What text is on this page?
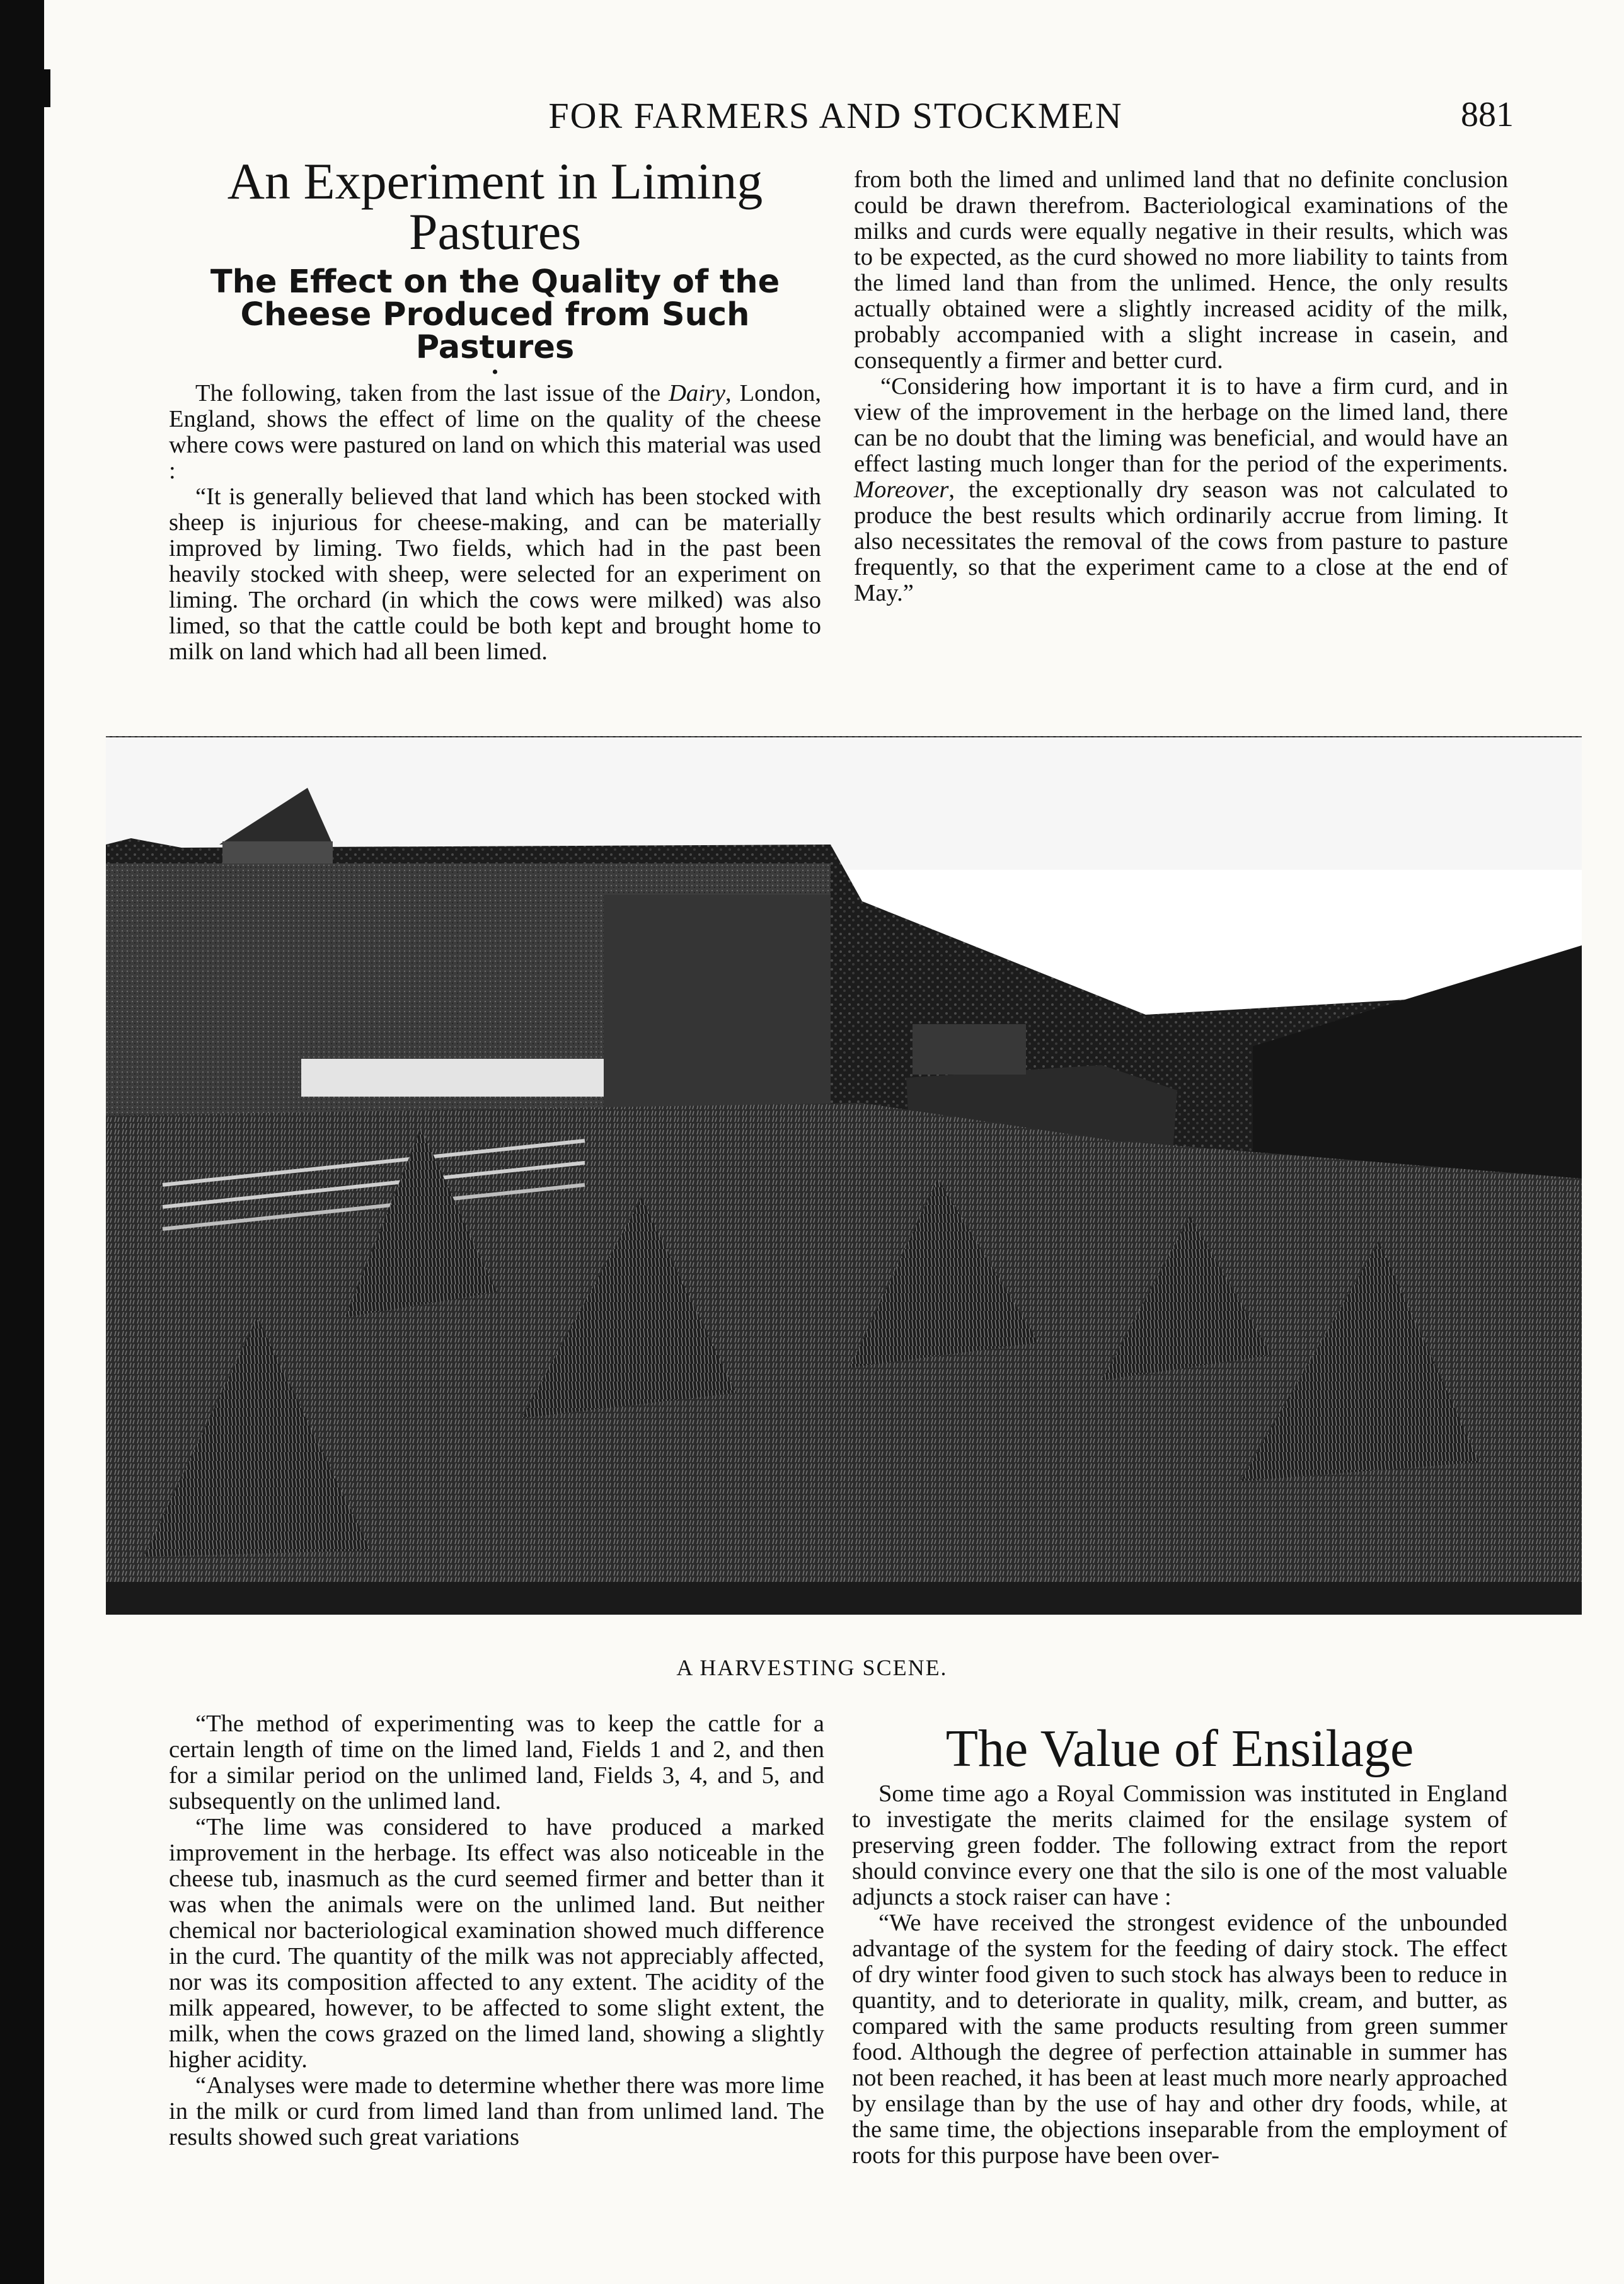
FOR FARMERS AND STOCKMEN	881
An Experiment in Liming Pastures
The Effect on the Quality of the Cheese Produced from Such Pastures
•

The following, taken from the last issue of the Dairy, London, England, shows the effect of lime on the quality of the cheese where cows were pastured on land on which this material was used :

“It is generally believed that land which has been stocked with sheep is injurious for cheese-making, and can be materially improved by liming. Two fields, which had in the past been heavily stocked with sheep, were selected for an experiment on liming. The orchard (in which the cows were milked) was also limed, so that the cattle could be both kept and brought home to milk on land which had all been limed.

from both the limed and unlimed land that no definite conclusion could be drawn therefrom. Bacteriological examinations of the milks and curds were equally negative in their results, which was to be expected, as the curd showed no more liability to taints from the limed land than from the unlimed. Hence, the only results actually obtained were a slightly increased acidity of the milk, probably accompanied with a slight increase in casein, and consequently a firmer and better curd.

“Considering how important it is to have a firm curd, and in view of the improvement in the herbage on the limed land, there can be no doubt that the liming was beneficial, and would have an effect lasting much longer than for the period of the experiments. Moreover, the exceptionally dry season was not calculated to produce the best results which ordinarily accrue from liming. It also necessitates the removal of the cows from pasture to pasture frequently, so that the experiment came to a close at the end of May.”

A HARVESTING SCENE.

“The method of experimenting was to keep the cattle for a certain length of time on the limed land, Fields 1 and 2, and then for a similar period on the unlimed land, Fields 3, 4, and 5, and subsequently on the unlimed land.

“The lime was considered to have produced a marked improvement in the herbage. Its effect was also noticeable in the cheese tub, inasmuch as the curd seemed firmer and better than it was when the animals were on the unlimed land. But neither chemical nor bacteriological examination showed much difference in the curd. The quantity of the milk was not appreciably affected, nor was its composition affected to any extent. The acidity of the milk appeared, however, to be affected to some slight extent, the milk, when the cows grazed on the limed land, showing a slightly higher acidity.

“Analyses were made to determine whether there was more lime in the milk or curd from limed land than from unlimed land. The results showed such great variations

The Value of Ensilage

Some time ago a Royal Commission was instituted in England to investigate the merits claimed for the ensilage system of preserving green fodder. The following extract from the report should convince every one that the silo is one of the most valuable adjuncts a stock raiser can have :

“We have received the strongest evidence of the unbounded advantage of the system for the feeding of dairy stock. The effect of dry winter food given to such stock has always been to reduce in quantity, and to deteriorate in quality, milk, cream, and butter, as compared with the same products resulting from green summer food. Although the degree of perfection attainable in summer has not been reached, it has been at least much more nearly approached by ensilage than by the use of hay and other dry foods, while, at the same time, the objections inseparable from the employment of roots for this purpose have been over-
